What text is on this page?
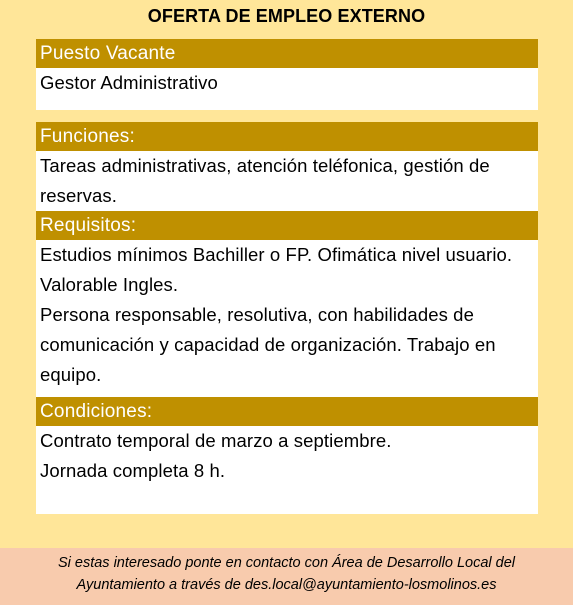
OFERTA DE EMPLEO EXTERNO
Puesto Vacante
Gestor Administrativo
Funciones:
Tareas administrativas, atención teléfonica, gestión de
reservas.
Requisitos:
Estudios mínimos Bachiller o FP. Ofimática nivel usuario.
Valorable Ingles.
Persona responsable, resolutiva, con habilidades de
comunicación y capacidad de organización. Trabajo en
equipo.
Condiciones:
Contrato temporal de marzo a septiembre.
Jornada completa 8 h.
Si estas interesado ponte en contacto con Área de Desarrollo Local del
Ayuntamiento a través de des.local@ayuntamiento-losmolinos.es
